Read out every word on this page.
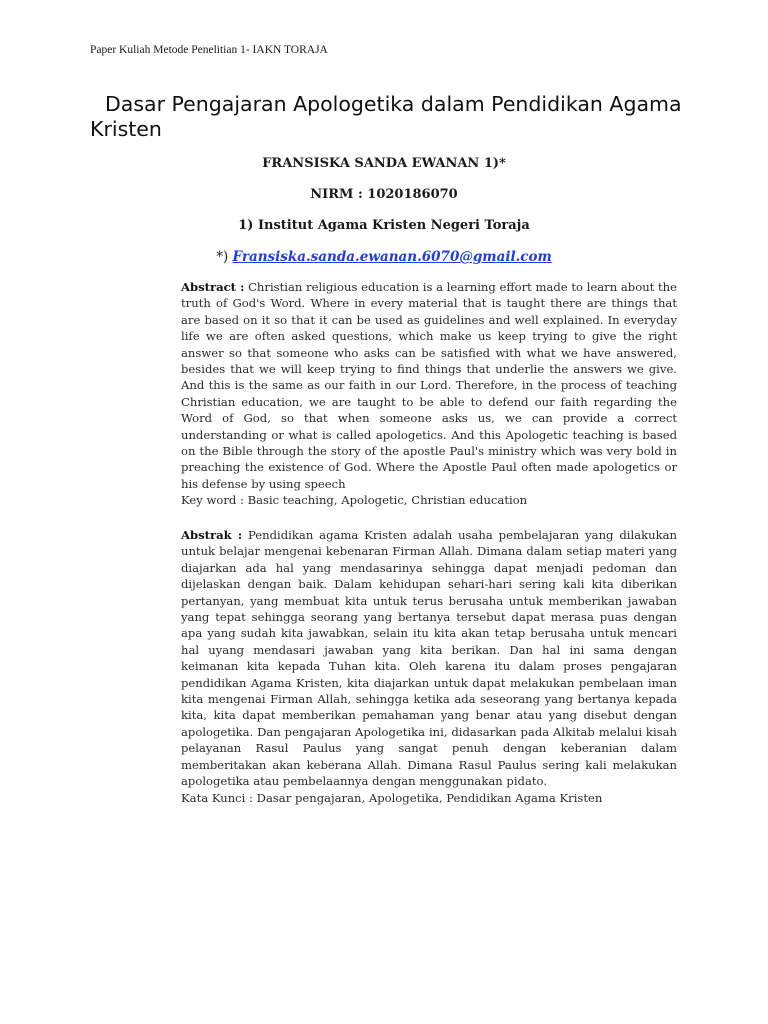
Paper Kuliah Metode Penelitian 1- IAKN TORAJA
Dasar Pengajaran Apologetika dalam Pendidikan Agama Kristen
FRANSISKA SANDA EWANAN 1)*
NIRM : 1020186070
1) Institut Agama Kristen Negeri Toraja
*) Fransiska.sanda.ewanan.6070@gmail.com
Abstract : Christian religious education is a learning effort made to learn about the truth of God's Word. Where in every material that is taught there are things that are based on it so that it can be used as guidelines and well explained. In everyday life we are often asked questions, which make us keep trying to give the right answer so that someone who asks can be satisfied with what we have answered, besides that we will keep trying to find things that underlie the answers we give. And this is the same as our faith in our Lord. Therefore, in the process of teaching Christian education, we are taught to be able to defend our faith regarding the Word of God, so that when someone asks us, we can provide a correct understanding or what is called apologetics. And this Apologetic teaching is based on the Bible through the story of the apostle Paul's ministry which was very bold in preaching the existence of God. Where the Apostle Paul often made apologetics or his defense by using speech
Key word : Basic teaching, Apologetic, Christian education
Abstrak : Pendidikan agama Kristen adalah usaha pembelajaran yang dilakukan untuk belajar mengenai kebenaran Firman Allah. Dimana dalam setiap materi yang diajarkan ada hal yang mendasarinya sehingga dapat menjadi pedoman dan dijelaskan dengan baik. Dalam kehidupan sehari-hari sering kali kita diberikan pertanyan, yang membuat kita untuk terus berusaha untuk memberikan jawaban yang tepat sehingga seorang yang bertanya tersebut dapat merasa puas dengan apa yang sudah kita jawabkan, selain itu kita akan tetap berusaha untuk mencari hal uyang mendasari jawaban yang kita berikan. Dan hal ini sama dengan keimanan kita kepada Tuhan kita. Oleh karena itu dalam proses pengajaran pendidikan Agama Kristen, kita diajarkan untuk dapat melakukan pembelaan iman kita mengenai Firman Allah, sehingga ketika ada seseorang yang bertanya kepada kita, kita dapat memberikan pemahaman yang benar atau yang disebut dengan apologetika. Dan pengajaran Apologetika ini, didasarkan pada Alkitab melalui kisah pelayanan Rasul Paulus yang sangat penuh dengan keberanian dalam memberitakan akan keberana Allah. Dimana Rasul Paulus sering kali melakukan apologetika atau pembelaannya dengan menggunakan pidato.
Kata Kunci : Dasar pengajaran, Apologetika, Pendidikan Agama Kristen
